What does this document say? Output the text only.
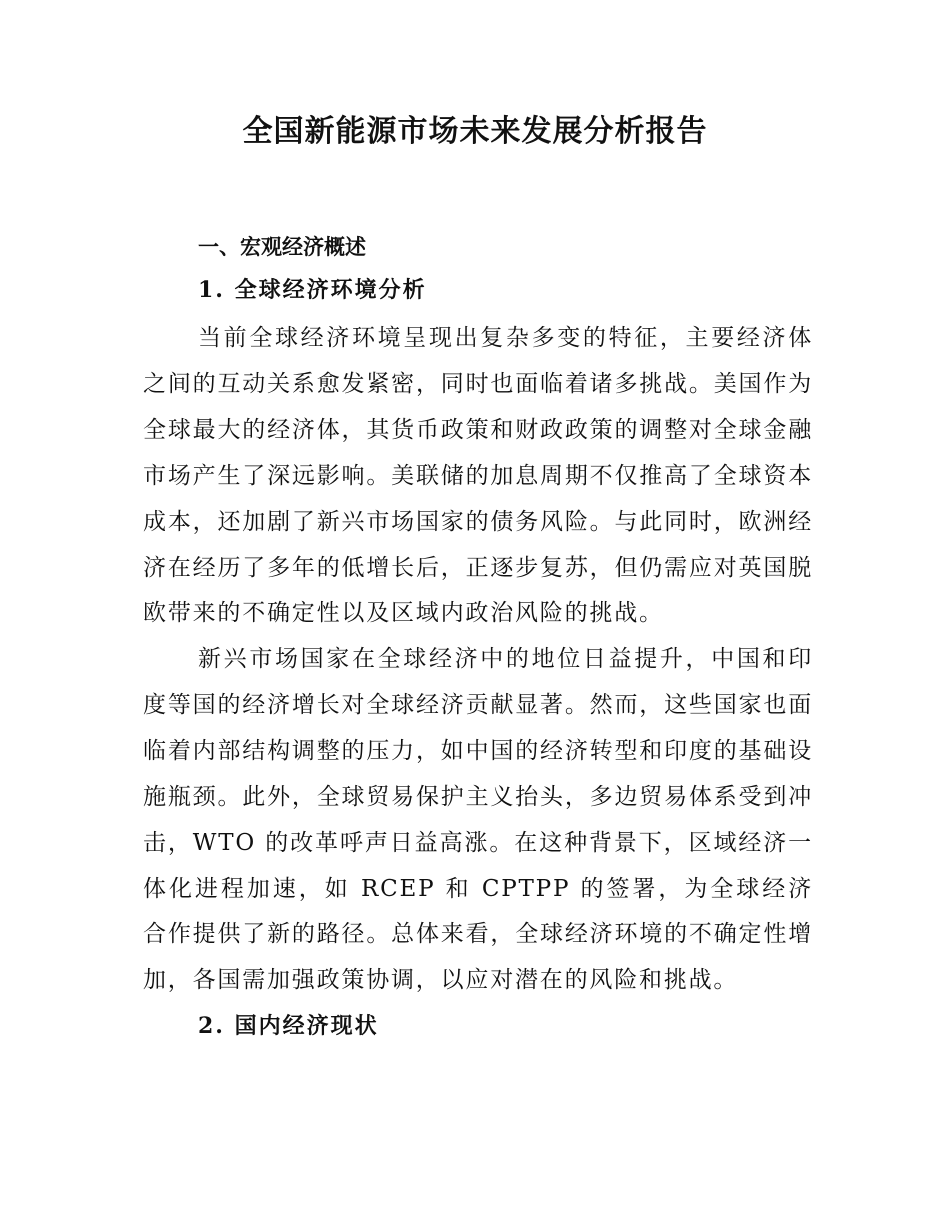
全国新能源市场未来发展分析报告
一、宏观经济概述
1. 全球经济环境分析

当前全球经济环境呈现出复杂多变的特征，主要经济体之间的互动关系愈发紧密，同时也面临着诸多挑战。美国作为全球最大的经济体，其货币政策和财政政策的调整对全球金融市场产生了深远影响。美联储的加息周期不仅推高了全球资本成本，还加剧了新兴市场国家的债务风险。与此同时，欧洲经济在经历了多年的低增长后，正逐步复苏，但仍需应对英国脱欧带来的不确定性以及区域内政治风险的挑战。

新兴市场国家在全球经济中的地位日益提升，中国和印度等国的经济增长对全球经济贡献显著。然而，这些国家也面临着内部结构调整的压力，如中国的经济转型和印度的基础设施瓶颈。此外，全球贸易保护主义抬头，多边贸易体系受到冲击，WTO 的改革呼声日益高涨。在这种背景下，区域经济一体化进程加速，如 RCEP 和 CPTPP 的签署，为全球经济合作提供了新的路径。总体来看，全球经济环境的不确定性增加，各国需加强政策协调，以应对潜在的风险和挑战。

2. 国内经济现状
